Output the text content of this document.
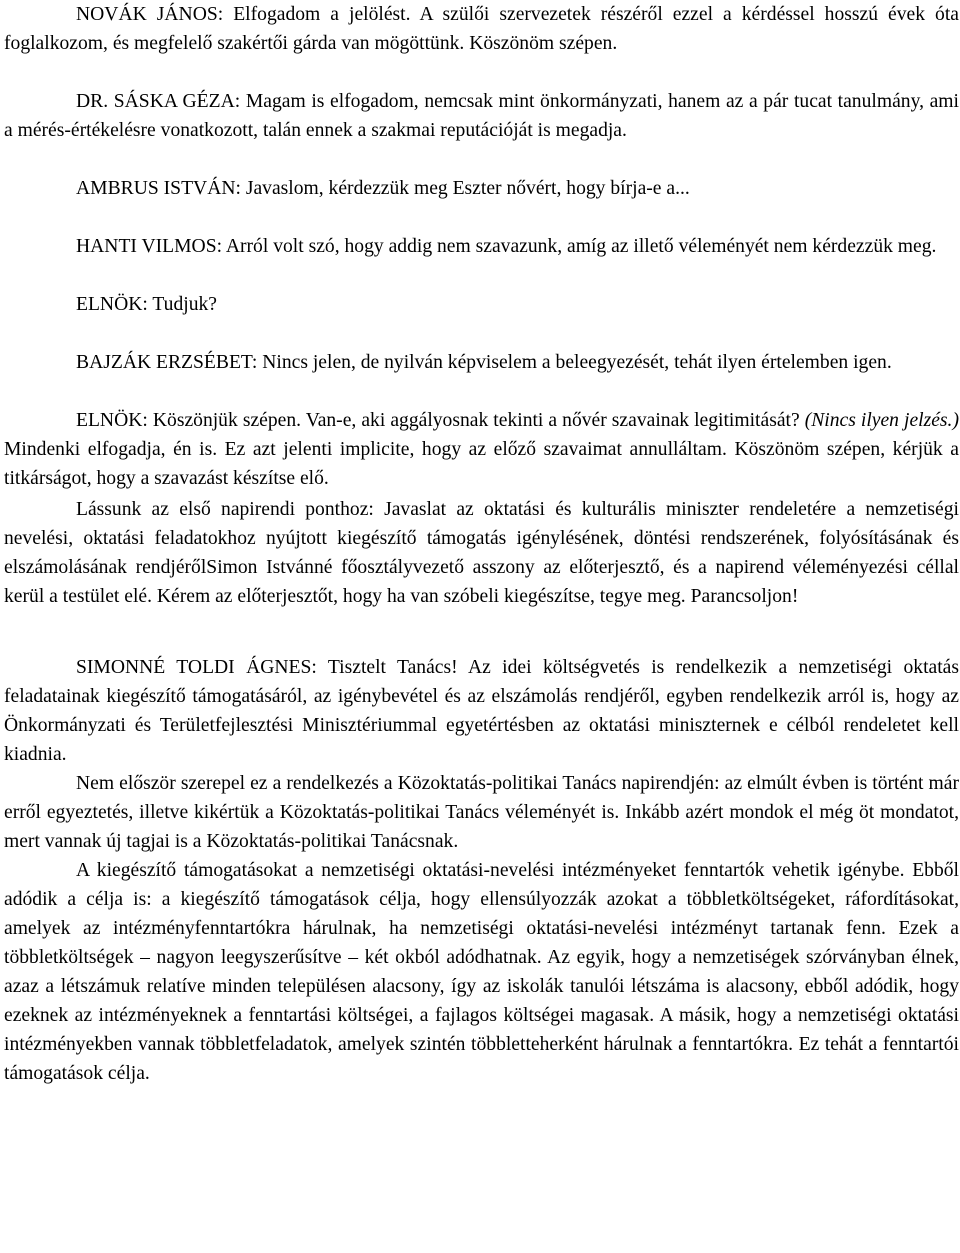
NOVÁK JÁNOS: Elfogadom a jelölést. A szülői szervezetek részéről ezzel a kérdéssel hosszú évek óta foglalkozom, és megfelelő szakértői gárda van mögöttünk. Köszönöm szépen.

DR. SÁSKA GÉZA: Magam is elfogadom, nemcsak mint önkormányzati, hanem az a pár tucat tanulmány, ami a mérés-értékelésre vonatkozott, talán ennek a szakmai reputációját is megadja.

AMBRUS ISTVÁN: Javaslom, kérdezzük meg Eszter nővért, hogy bírja-e a...

HANTI VILMOS: Arról volt szó, hogy addig nem szavazunk, amíg az illető véleményét nem kérdezzük meg.

ELNÖK: Tudjuk?

BAJZÁK ERZSÉBET: Nincs jelen, de nyilván képviselem a beleegyezését, tehát ilyen értelemben igen.

ELNÖK: Köszönjük szépen. Van-e, aki aggályosnak tekinti a nővér szavainak legitimitását? (Nincs ilyen jelzés.) Mindenki elfogadja, én is. Ez azt jelenti implicite, hogy az előző szavaimat annulláltam. Köszönöm szépen, kérjük a titkárságot, hogy a szavazást készítse elő.

Lássunk az első napirendi ponthoz: Javaslat az oktatási és kulturális miniszter rendeletére a nemzetiségi nevelési, oktatási feladatokhoz nyújtott kiegészítő támogatás igénylésének, döntési rendszerének, folyósításának és elszámolásának rendjérőlSimon Istvánné főosztályvezető asszony az előterjesztő, és a napirend véleményezési céllal kerül a testület elé. Kérem az előterjesztőt, hogy ha van szóbeli kiegészítse, tegye meg. Parancsoljon!

SIMONNÉ TOLDI ÁGNES: Tisztelt Tanács! Az idei költségvetés is rendelkezik a nemzetiségi oktatás feladatainak kiegészítő támogatásáról, az igénybevétel és az elszámolás rendjéről, egyben rendelkezik arról is, hogy az Önkormányzati és Területfejlesztési Minisztériummal egyetértésben az oktatási miniszternek e célból rendeletet kell kiadnia.

Nem először szerepel ez a rendelkezés a Közoktatás-politikai Tanács napirendjén: az elmúlt évben is történt már erről egyeztetés, illetve kikértük a Közoktatás-politikai Tanács véleményét is. Inkább azért mondok el még öt mondatot, mert vannak új tagjai is a Közoktatás-politikai Tanácsnak.

A kiegészítő támogatásokat a nemzetiségi oktatási-nevelési intézményeket fenntartók vehetik igénybe. Ebből adódik a célja is: a kiegészítő támogatások célja, hogy ellensúlyozzák azokat a többletköltségeket, ráfordításokat, amelyek az intézményfenntartókra hárulnak, ha nemzetiségi oktatási-nevelési intézményt tartanak fenn. Ezek a többletköltségek – nagyon leegyszerűsítve – két okból adódhatnak. Az egyik, hogy a nemzetiségek szórványban élnek, azaz a létszámuk relatíve minden településen alacsony, így az iskolák tanulói létszáma is alacsony, ebből adódik, hogy ezeknek az intézményeknek a fenntartási költségei, a fajlagos költségei magasak. A másik, hogy a nemzetiségi oktatási intézményekben vannak többletfeladatok, amelyek szintén többletteherként hárulnak a fenntartókra. Ez tehát a fenntartói támogatások célja.
